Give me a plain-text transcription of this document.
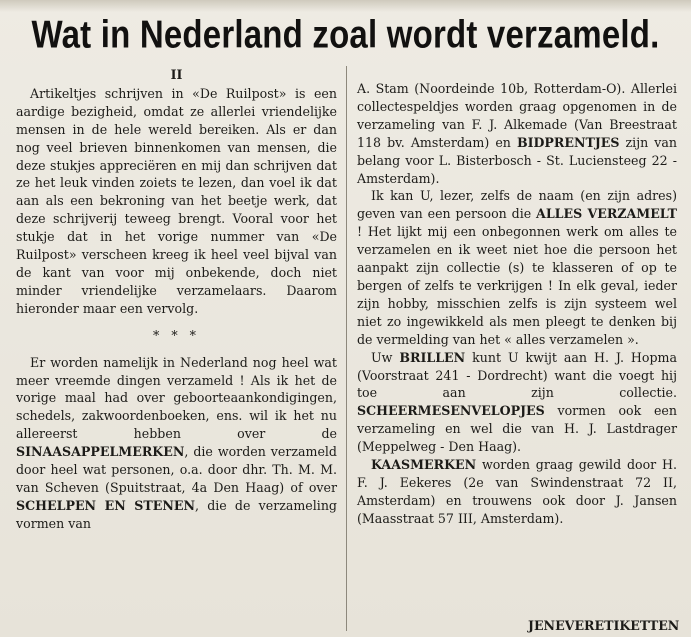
Wat in Nederland zoal wordt verzameld.
II

Artikeltjes schrijven in «De Ruilpost» is een aardige bezigheid, omdat ze allerlei vriendelijke mensen in de hele wereld bereiken. Als er dan nog veel brieven binnenkomen van mensen, die deze stukjes appreciëren en mij dan schrijven dat ze het leuk vinden zoiets te lezen, dan voel ik dat aan als een bekroning van het beetje werk, dat deze schrijverij teweeg brengt. Vooral voor het stukje dat in het vorige nummer van «De Ruilpost» verscheen kreeg ik heel veel bijval van de kant van voor mij onbekende, doch niet minder vriendelijke verzamelaars. Daarom hieronder maar een vervolg.

* * *

Er worden namelijk in Nederland nog heel wat meer vreemde dingen verzameld ! Als ik het de vorige maal had over geboorteaankondigingen, schedels, zakwoordenboeken, ens. wil ik het nu allereerst hebben over de SINAASAPPELMERKEN, die worden verzameld door heel wat personen, o.a. door dhr. Th. M. M. van Scheven (Spuitstraat, 4a Den Haag) of over SCHELPEN EN STENEN, die de verzameling vormen van

A. Stam (Noordeinde 10b, Rotterdam-O). Allerlei collectespeldjes worden graag opgenomen in de verzameling van F. J. Alkemade (Van Breestraat 118 bv. Amsterdam) en BIDPRENTJES zijn van belang voor L. Bisterbosch - St. Luciensteeg 22 - Amsterdam).

Ik kan U, lezer, zelfs de naam (en zijn adres) geven van een persoon die ALLES VERZAMELT ! Het lijkt mij een onbegonnen werk om alles te verzamelen en ik weet niet hoe die persoon het aanpakt zijn collectie (s) te klasseren of op te bergen of zelfs te verkrijgen ! In elk geval, ieder zijn hobby, misschien zelfs is zijn systeem wel niet zo ingewikkeld als men pleegt te denken bij de vermelding van het « alles verzamelen ».

Uw BRILLEN kunt U kwijt aan H. J. Hopma (Voorstraat 241 - Dordrecht) want die voegt hij toe aan zijn collectie. SCHEERMESENVELOPJES vormen ook een verzameling en wel die van H. J. Lastdrager (Meppelweg - Den Haag).

KAASMERKEN worden graag gewild door H. F. J. Eekeres (2e van Swindenstraat 72 II, Amsterdam) en trouwens ook door J. Jansen (Maasstraat 57 III, Amsterdam).

JENEVERETIKETTEN
